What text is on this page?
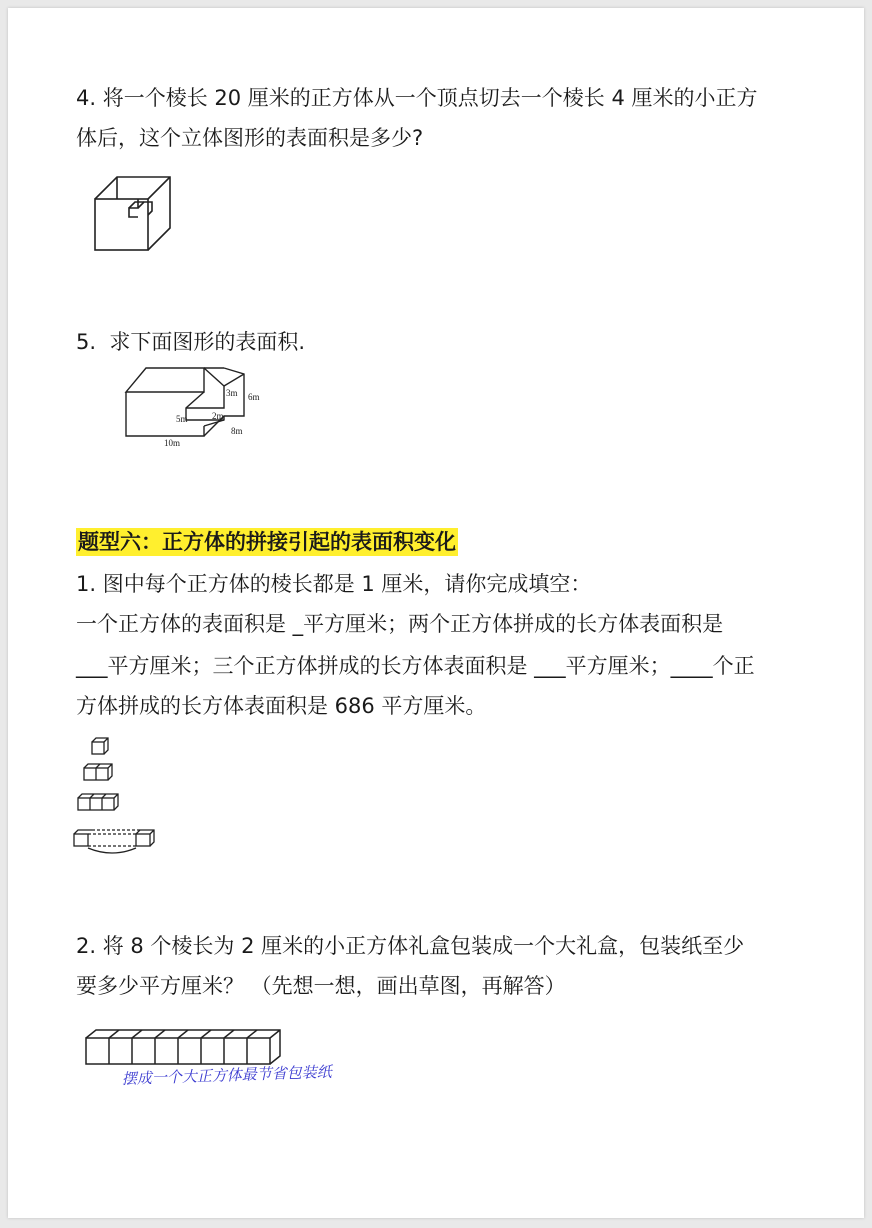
4. 将一个棱长 20 厘米的正方体从一个顶点切去一个棱长 4 厘米的小正方

体后，这个立体图形的表面积是多少?

5.  求下面图形的表面积.

3m 6m
5m	2m
8m
10m

题型六：正方体的拼接引起的表面积变化

1. 图中每个正方体的棱长都是 1 厘米，请你完成填空：

一个正方体的表面积是 _平方厘米；两个正方体拼成的长方体表面积是

___平方厘米；三个正方体拼成的长方体表面积是 ___平方厘米；____个正

方体拼成的长方体表面积是 686 平方厘米。

2. 将 8 个棱长为 2 厘米的小正方体礼盒包装成一个大礼盒，包装纸至少

要多少平方厘米？ （先想一想，画出草图，再解答）

摆成一个大正方体最节省包装纸
